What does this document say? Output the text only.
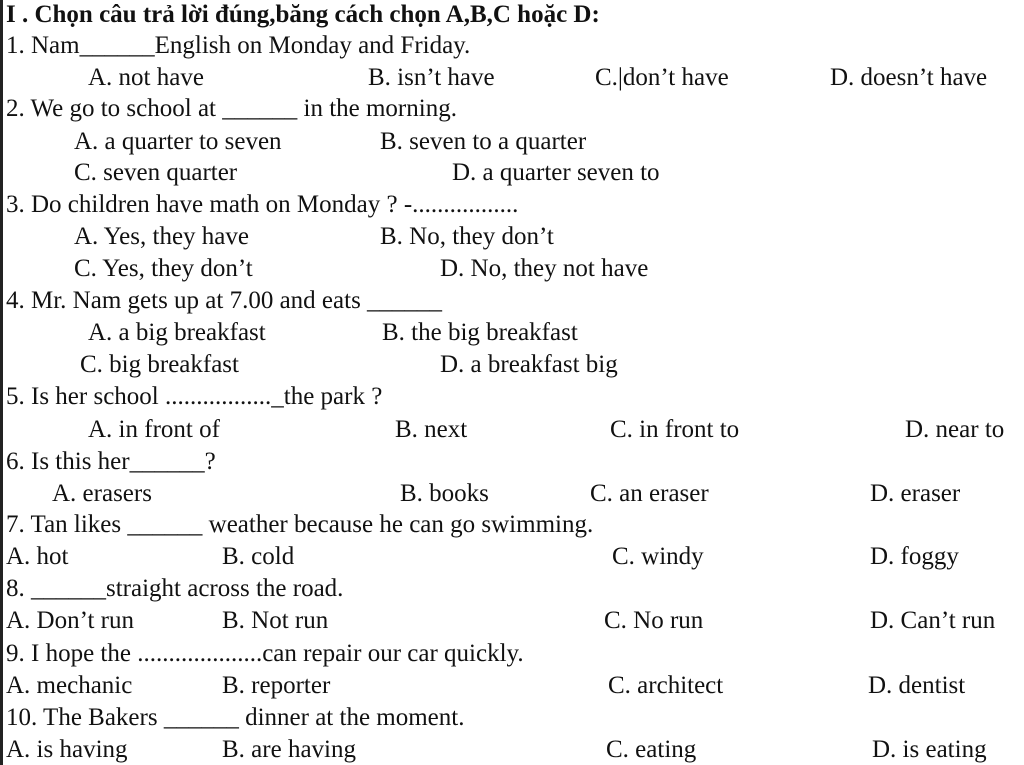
I . Chọn câu trả lời đúng,băng cách chọn A,B,C hoặc D:
1. Nam______English on Monday and Friday.
A. not have	B. isn’t have	C.|don’t have	D. doesn’t have
2. We go to school at ______ in the morning.
A. a quarter to seven	B. seven to a quarter
C. seven quarter	D. a quarter seven to
3. Do children have math on Monday ? -.................
A. Yes, they have	B. No, they don’t
C. Yes, they don’t	D. No, they not have
4. Mr. Nam gets up at 7.00 and eats ______
A. a big breakfast	B. the big breakfast
C. big breakfast	D. a breakfast big
5. Is her school ................._the park ?
A. in front of	B. next	C. in front to	D. near to
6. Is this her______?
A. erasers	B. books	C. an eraser	D. eraser
7. Tan likes ______ weather because he can go swimming.
A. hot	B. cold	C. windy	D. foggy
8. ______straight across the road.
A. Don’t run	B. Not run	C. No run	D. Can’t run
9. I hope the ....................can repair our car quickly.
A. mechanic	B. reporter	C. architect	D. dentist
10. The Bakers ______ dinner at the moment.
A. is having	B. are having	C. eating	D. is eating
